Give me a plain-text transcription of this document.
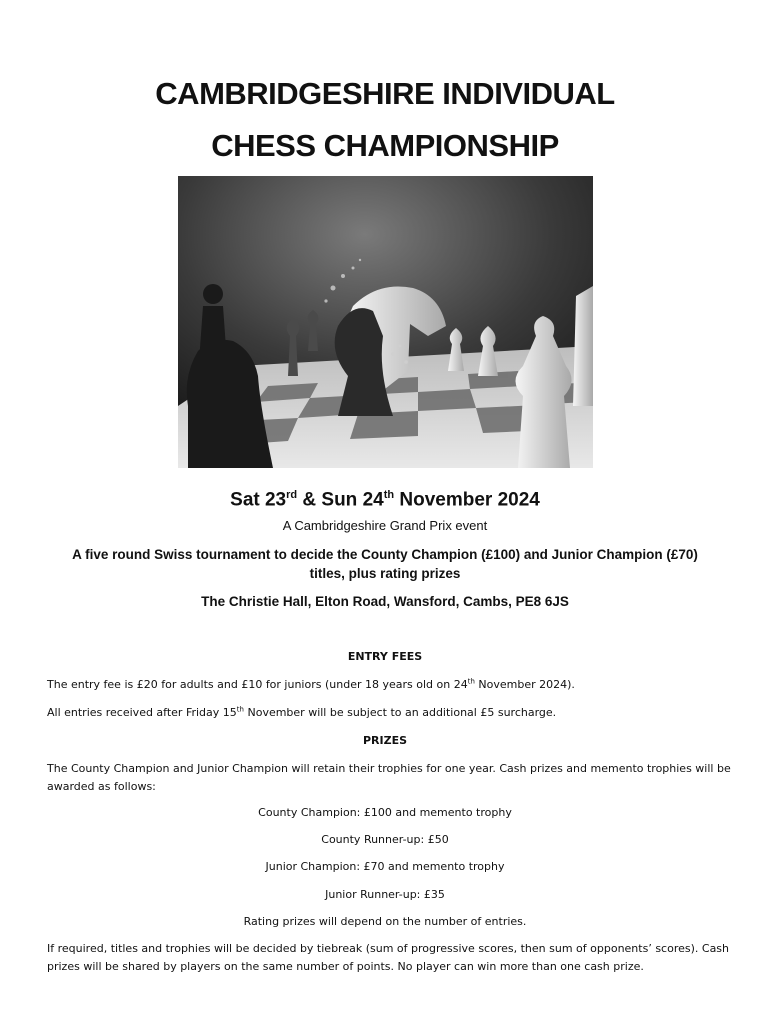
CAMBRIDGESHIRE INDIVIDUAL
CHESS CHAMPIONSHIP
Sat 23rd & Sun 24th November 2024
A Cambridgeshire Grand Prix event
A five round Swiss tournament to decide the County Champion (£100) and Junior Champion (£70) titles, plus rating prizes
The Christie Hall, Elton Road, Wansford, Cambs, PE8 6JS
ENTRY FEES
The entry fee is £20 for adults and £10 for juniors (under 18 years old on 24th November 2024).
All entries received after Friday 15th November will be subject to an additional £5 surcharge.
PRIZES
The County Champion and Junior Champion will retain their trophies for one year. Cash prizes and memento trophies will be awarded as follows:
County Champion: £100 and memento trophy
County Runner-up: £50
Junior Champion: £70 and memento trophy
Junior Runner-up: £35
Rating prizes will depend on the number of entries.
If required, titles and trophies will be decided by tiebreak (sum of progressive scores, then sum of opponents’ scores). Cash prizes will be shared by players on the same number of points. No player can win more than one cash prize.
